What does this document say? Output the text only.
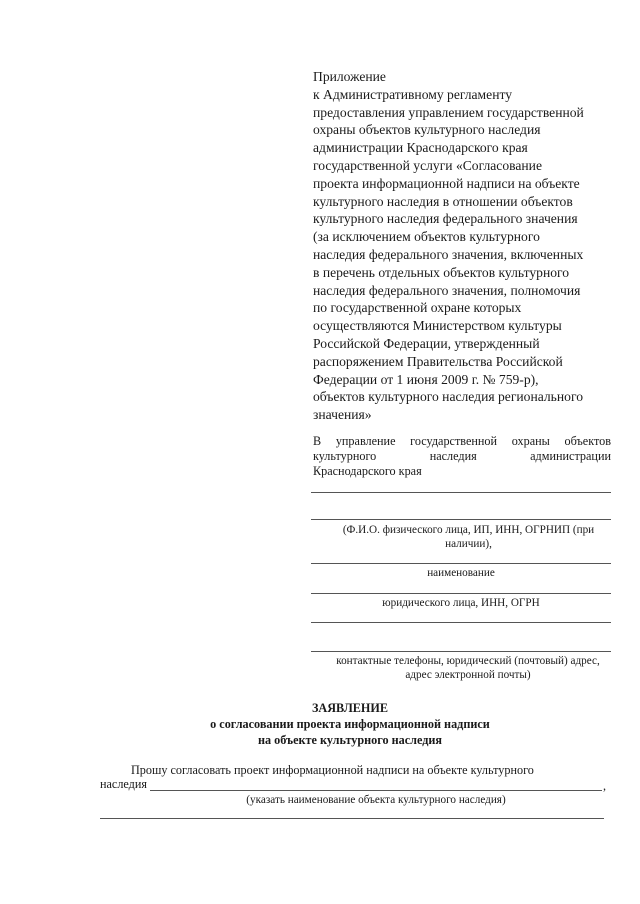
Приложение
к Административному регламенту
предоставления управлением государственной
охраны объектов культурного наследия
администрации Краснодарского края
государственной услуги «Согласование
проекта информационной надписи на объекте
культурного наследия в отношении объектов
культурного наследия федерального значения
(за исключением объектов культурного
наследия федерального значения, включенных
в перечень отдельных объектов культурного
наследия федерального значения, полномочия
по государственной охране которых
осуществляются Министерством культуры
Российской Федерации, утвержденный
распоряжением Правительства Российской
Федерации от 1 июня 2009 г. № 759-р),
объектов культурного наследия регионального
значения»
В управление государственной охраны объектов
культурного наследия администрации
Краснодарского края
(Ф.И.О. физического лица, ИП, ИНН, ОГРНИП (при наличии),
наименование
юридического лица, ИНН, ОГРН
контактные телефоны, юридический (почтовый) адрес, адрес электронной почты)
ЗАЯВЛЕНИЕ
о согласовании проекта информационной надписи
на объекте культурного наследия
Прошу согласовать проект информационной надписи на объекте культурного
наследия	,
(указать наименование объекта культурного наследия)
